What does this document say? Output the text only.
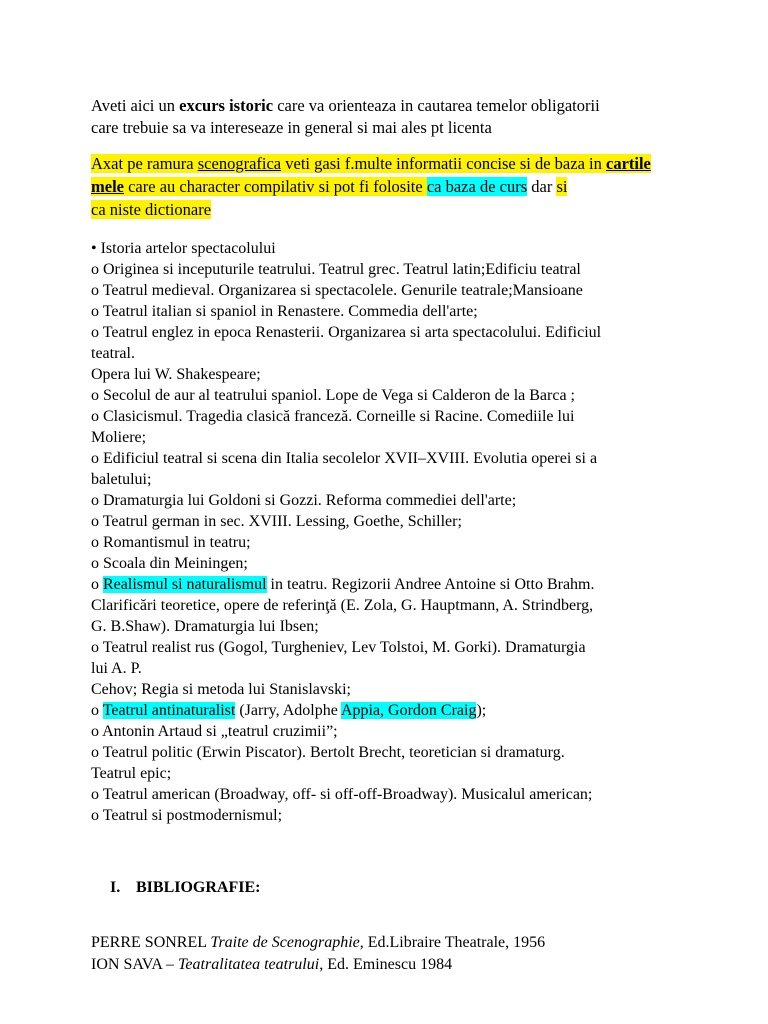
Aveti aici un excurs istoric care va orienteaza in cautarea temelor obligatorii
care trebuie sa va intereseaze in general si mai ales pt licenta
Axat pe ramura scenografica veti gasi f.multe informatii concise si de baza in cartile mele care au character compilativ si pot fi folosite ca baza de curs dar si
ca niste dictionare
• Istoria artelor spectacolului
o Originea si inceputurile teatrului. Teatrul grec. Teatrul latin;Edificiu teatral
o Teatrul medieval. Organizarea si spectacolele. Genurile teatrale;Mansioane
o Teatrul italian si spaniol in Renastere. Commedia dell'arte;
o Teatrul englez in epoca Renasterii. Organizarea si arta spectacolului. Edificiul
teatral.
Opera lui W. Shakespeare;
o Secolul de aur al teatrului spaniol. Lope de Vega si Calderon de la Barca ;
o Clasicismul. Tragedia clasică franceză. Corneille si Racine. Comediile lui
Moliere;
o Edificiul teatral si scena din Italia secolelor XVII–XVIII. Evolutia operei si a
baletului;
o Dramaturgia lui Goldoni si Gozzi. Reforma commediei dell'arte;
o Teatrul german in sec. XVIII. Lessing, Goethe, Schiller;
o Romantismul in teatru;
o Scoala din Meiningen;
o Realismul si naturalismul in teatru. Regizorii Andree Antoine si Otto Brahm.
Clarificări teoretice, opere de referinţă (E. Zola, G. Hauptmann, A. Strindberg,
G. B.Shaw). Dramaturgia lui Ibsen;
o Teatrul realist rus (Gogol, Turgheniev, Lev Tolstoi, M. Gorki). Dramaturgia
lui A. P.
Cehov; Regia si metoda lui Stanislavski;
o Teatrul antinaturalist (Jarry, Adolphe Appia, Gordon Craig);
o Antonin Artaud si „teatrul cruzimii”;
o Teatrul politic (Erwin Piscator). Bertolt Brecht, teoretician si dramaturg.
Teatrul epic;
o Teatrul american (Broadway, off- si off-off-Broadway). Musicalul american;
o Teatrul si postmodernismul;
I. BIBLIOGRAFIE:
PERRE SONREL Traite de Scenographie, Ed.Libraire Theatrale, 1956
ION SAVA – Teatralitatea teatrului, Ed. Eminescu 1984
